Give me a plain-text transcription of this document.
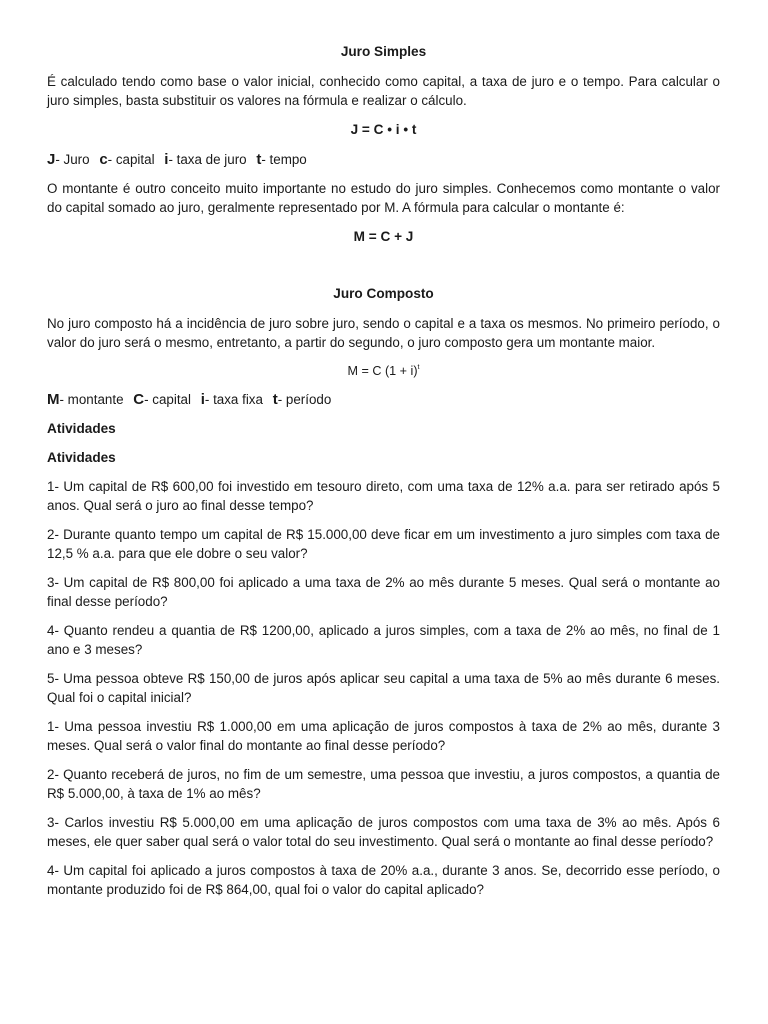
Juro Simples

É calculado tendo como base o valor inicial, conhecido como capital, a taxa de juro e o tempo. Para calcular o juro simples, basta substituir os valores na fórmula e realizar o cálculo.

J = C • i • t
J- Juro c- capital i- taxa de juro t- tempo

O montante é outro conceito muito importante no estudo do juro simples. Conhecemos como montante o valor do capital somado ao juro, geralmente representado por M. A fórmula para calcular o montante é:

M = C + J
Juro Composto

No juro composto há a incidência de juro sobre juro, sendo o capital e a taxa os mesmos. No primeiro período, o valor do juro será o mesmo, entretanto, a partir do segundo, o juro composto gera um montante maior.

M = C $(1 + i)^t$
M- montante C- capital i- taxa fixa t- período
Atividades
Atividades

1- Um capital de R$ 600,00 foi investido em tesouro direto, com uma taxa de 12% a.a. para ser retirado após 5 anos. Qual será o juro ao final desse tempo?

2- Durante quanto tempo um capital de R$ 15.000,00 deve ficar em um investimento a juro simples com taxa de 12,5 % a.a. para que ele dobre o seu valor?

3- Um capital de R$ 800,00 foi aplicado a uma taxa de 2% ao mês durante 5 meses. Qual será o montante ao final desse período?

4- Quanto rendeu a quantia de R$ 1200,00, aplicado a juros simples, com a taxa de 2% ao mês, no final de 1 ano e 3 meses?

5- Uma pessoa obteve R$ 150,00 de juros após aplicar seu capital a uma taxa de 5% ao mês durante 6 meses. Qual foi o capital inicial?

1- Uma pessoa investiu R$ 1.000,00 em uma aplicação de juros compostos à taxa de 2% ao mês, durante 3 meses. Qual será o valor final do montante ao final desse período?

2- Quanto receberá de juros, no fim de um semestre, uma pessoa que investiu, a juros compostos, a quantia de R$ 5.000,00, à taxa de 1% ao mês?

3- Carlos investiu R$ 5.000,00 em uma aplicação de juros compostos com uma taxa de 3% ao mês. Após 6 meses, ele quer saber qual será o valor total do seu investimento. Qual será o montante ao final desse período?

4- Um capital foi aplicado a juros compostos à taxa de 20% a.a., durante 3 anos. Se, decorrido esse período, o montante produzido foi de R$ 864,00, qual foi o valor do capital aplicado?
